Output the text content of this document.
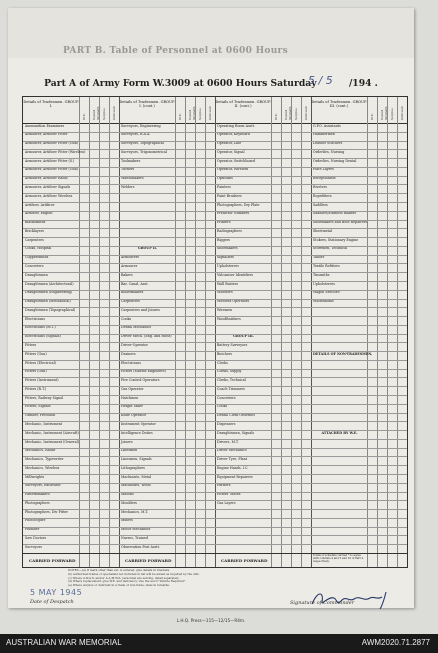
PART B. Table of Personnel at 0600 Hours
Part A of Army Form W.3009 at 0600 Hours Saturday	/194 .
5 / 5
Details of Tradesmen. GROUP I.
W.E. Posted Strength Surplus Deficient
Ammunition Examiners
Armourer, Artificer Fitter
Armourer, Artificer Fitter (Gun)
Armourer, Artificer Fitter (Wireless)
Armourer, Artificer Fitter (S.)
Armourer, Artificer Fitter (Gun)
Armourer, Artificer Radio
Armourer, Artificer Signals
Armourer, Artificer Wireless
Artificer, Artificer
Artificer, Engine
Blacksmiths
Bricklayers
Carpenters
Cooks, Hospital
Coppersmiths
Concreters
Draughtsmen
Draughtsmen (Architectural)
Draughtsmen (Engineering)
Draughtsmen (Mechanical)
Draughtsmen (Topographical)
Electricians
Electricians (M.T.)
Electricians (Signals)
Fitters
Fitters (Gun)
Fitters (Electrical)
Fitters (Gun)
Fitters (Instrument)
Fitters (R.T.)
Fitters, Railway Signal
Fitters, Signals
Grinder, Precision
Mechanic, Instrument
Mechanic, Instrument (Aircraft)
Mechanic, Instrument (General)
Mechanics, Radar
Mechanics, Typewriter
Mechanics, Wireless
Millwrights
Surveyors, Excavator
Patternmakers
Photographers
Photographers, Div Fitter
Photocopier
Plumber
Saw Doctors
Surveyors
Details of Tradesmen. GROUP I. (cont.)
W.E. Posted Strength Surplus Deficient
Surveyors, Engineering
Surveyors, R.A.A.
Surveyors, Topographical
Surveyors, Trigonometrical
Toolmakers
Turners
Watchmakers
Welders
GROUP II.
Armourers
Armourer
Bakers
Bar, Canal, Asst.
Boilermakers
Carpenters
Carpenters and Joiners
Cooks
Dental Mechanics
Driver Mech. (Eng. and Hoist)
Driver-Operator
Drainers
Electricians
Fitters (Marine Engineers)
Fire Control Operators
Gas Operator
Hatchmen
Height Taker
Knife Operator
Instrument Operator
Intelligence Duties
Joiners
Linesmen
Linesmen, Signals
Lithographers
Machinists, Metal
Machinists, Wood
Masons
Moulders
Mechanics, M.T.
Miners
Motor Mechanics
Nurses, Trained
Observation Post Asstt.
Details of Tradesmen. GROUP II. (cont.)
W.E. Posted Strength Surplus Deficient
Operating Room Asstt.
Operator, Keyboard
Operator, Line
Operator, Signal
Operator, Switchboard
Operator, Wireless
Opticians
Painters
Paint Brushers
Photographers, Dry Plate
Predictor Numbers
Printers
Radiographers
Riggers
Shoemakers
Signallers
Upholsterers
Vulcaniser Identifiers
Wall Busters
Wheelers
Wireless Operators
Wiremen
Woodfinishers
GROUP III.
Battery Surveyors
Butchers
Clerks
Clerks, Supply
Clerks, Technical
Coach Trimmers
Concreters
Cooks
Dental Clerk Orderlies
Dispensers
Draughtsmen, Signals
Drivers, M.T.
Driver Mechanics
Driver Tyre, Plant
Engine Hands, I.C.
Equipment Repairers
Farriers
Fitters' Mates
Gas Layers
Details of Tradesmen. GROUP III. (cont.)
W.E. Posted Strength Surplus Deficient
G.P.O. Assistants
Hammermen
Leather Stitchers
Orderlies, Nursing
Orderlies, Nursing Dental
Plate Layers
Receptionists
Riveters
Ropefitters
Saddlers
Saddlers/Harness makers
Shoemakers and Boot Repairers
Sheetmetal
Stokers, Stationary Engine
Storemen, Technical
Tailors
Textile Refitters
Tinsmiths
Upholsterers
Wagon Erectors
Whitesmiths
DETAILS OF NON-TRADESMEN.
ATTACHED BY W.E.
CARRIED FORWARD	CARRIED FORWARD	CARRIED FORWARD
Totals of schedule carried * to agree with columns 4 and 5 and 10 of Part A respectively.
NOTES.—(a) If mark other than ext. is entered, give details in brackets.
(b) Authorised trades or specialists not included in list will be added as required by the unit.
(c) Where A.W.A.S. and/or A.A.M.W.S. personnel are serving, detail separately.
(d) Where replacement, give W.E. and deficiency. Use the word "Vehicle Required".
(e) Where surplus or deficient in a trade or non-trade, state in remarks.
5 MAY 1945
Date of Despatch
Ajdlea Lieut
Signature of Commander
L.H.Q. Press—115—12/15—R4m.
AUSTRALIAN WAR MEMORIAL	AWM2020.71.2877
